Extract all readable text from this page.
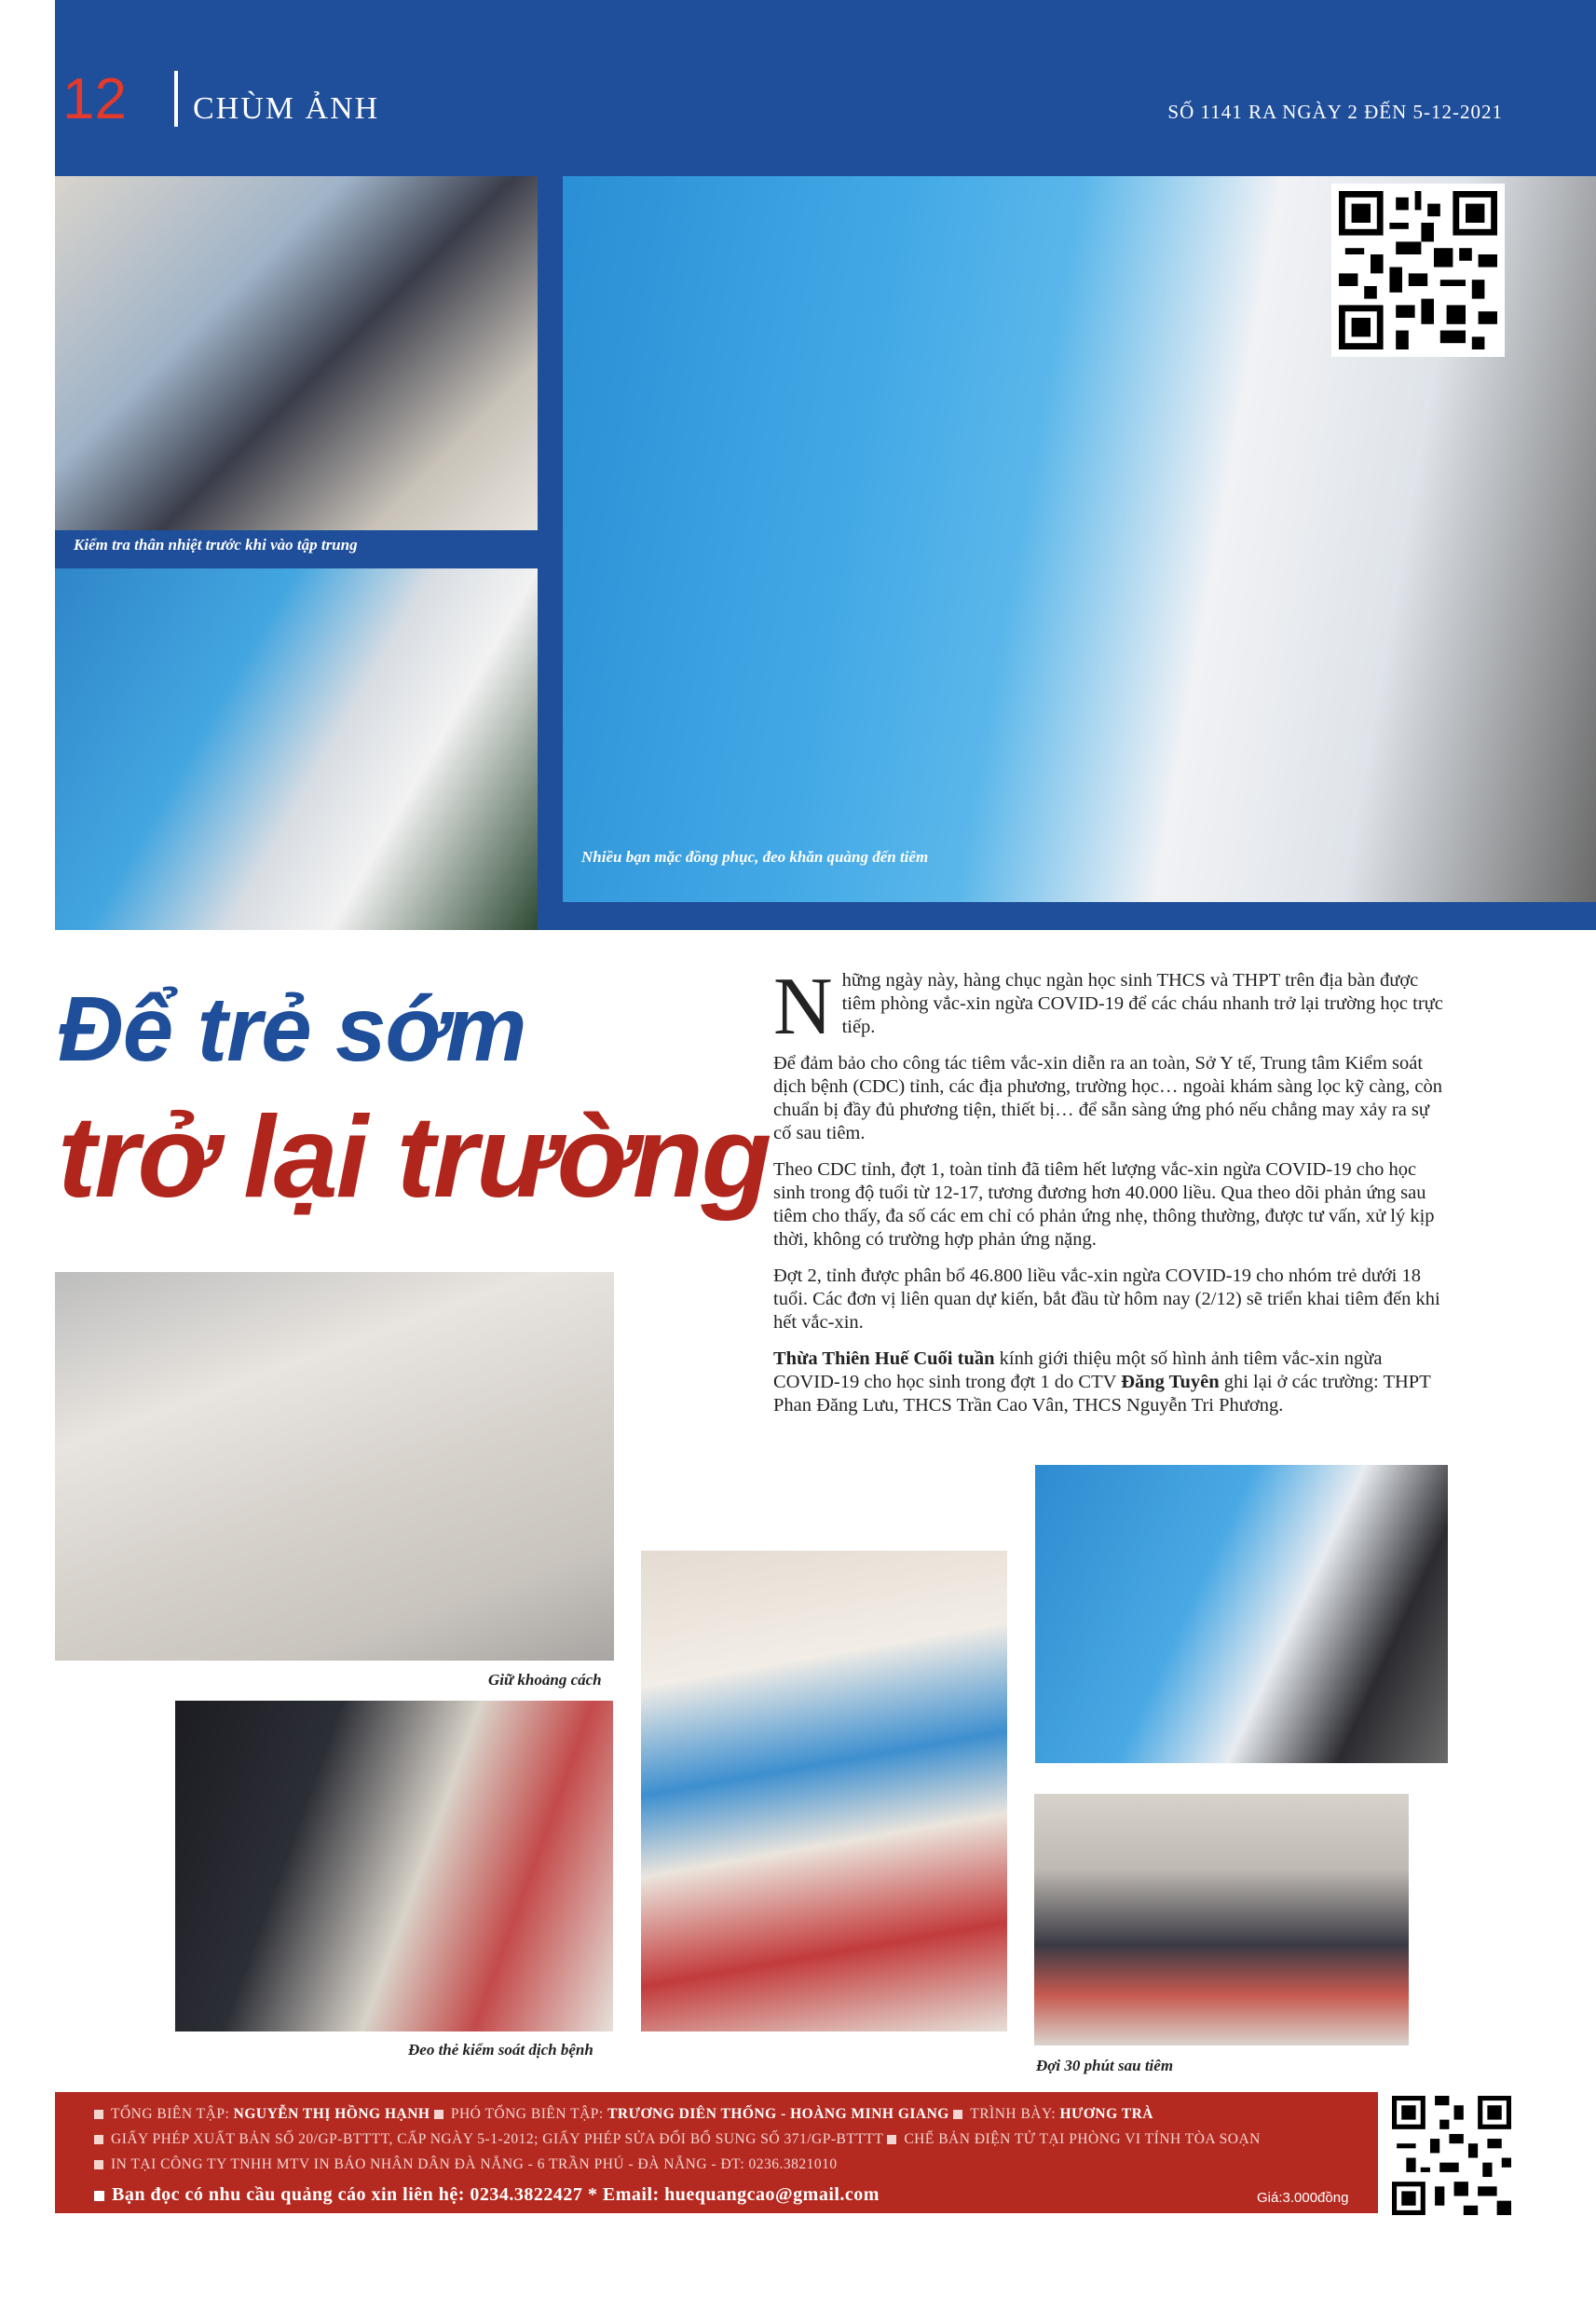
12 CHÙM ẢNH	SỐ 1141 RA NGÀY 2 ĐẾN 5-12-2021
Kiểm tra thân nhiệt trước khi vào tập trung
Nhiều bạn mặc đồng phục, đeo khăn quàng đến tiêm
Để trẻ sớm
trở lại trường

Những ngày này, hàng chục ngàn học sinh THCS và THPT trên địa bàn được tiêm phòng vắc-xin ngừa COVID-19 để các cháu nhanh trở lại trường học trực tiếp.

Để đảm bảo cho công tác tiêm vắc-xin diễn ra an toàn, Sở Y tế, Trung tâm Kiểm soát dịch bệnh (CDC) tỉnh, các địa phương, trường học… ngoài khám sàng lọc kỹ càng, còn chuẩn bị đầy đủ phương tiện, thiết bị… để sẵn sàng ứng phó nếu chẳng may xảy ra sự cố sau tiêm.

Theo CDC tỉnh, đợt 1, toàn tỉnh đã tiêm hết lượng vắc-xin ngừa COVID-19 cho học sinh trong độ tuổi từ 12-17, tương đương hơn 40.000 liều. Qua theo dõi phản ứng sau tiêm cho thấy, đa số các em chỉ có phản ứng nhẹ, thông thường, được tư vấn, xử lý kịp thời, không có trường hợp phản ứng nặng.

Đợt 2, tỉnh được phân bổ 46.800 liều vắc-xin ngừa COVID-19 cho nhóm trẻ dưới 18 tuổi. Các đơn vị liên quan dự kiến, bắt đầu từ hôm nay (2/12) sẽ triển khai tiêm đến khi hết vắc-xin.

Thừa Thiên Huế Cuối tuần kính giới thiệu một số hình ảnh tiêm vắc-xin ngừa COVID-19 cho học sinh trong đợt 1 do CTV Đăng Tuyên ghi lại ở các trường: THPT Phan Đăng Lưu, THCS Trần Cao Vân, THCS Nguyễn Tri Phương.

Giữ khoảng cách
Đeo thẻ kiểm soát dịch bệnh
Đợi 30 phút sau tiêm
TỔNG BIÊN TẬP: NGUYỄN THỊ HỒNG HẠNH PHÓ TỔNG BIÊN TẬP: TRƯƠNG DIÊN THỐNG - HOÀNG MINH GIANG TRÌNH BÀY: HƯƠNG TRÀ
GIẤY PHÉP XUẤT BẢN SỐ 20/GP-BTTTT, CẤP NGÀY 5-1-2012; GIẤY PHÉP SỬA ĐỔI BỔ SUNG SỐ 371/GP-BTTTT CHẾ BẢN ĐIỆN TỬ TẠI PHÒNG VI TÍNH TÒA SOẠN
IN TẠI CÔNG TY TNHH MTV IN BÁO NHÂN DÂN ĐÀ NẴNG - 6 TRẦN PHÚ - ĐÀ NẴNG - ĐT: 0236.3821010
Bạn đọc có nhu cầu quảng cáo xin liên hệ: 0234.3822427 * Email: huequangcao@gmail.com	Giá:3.000đồng
